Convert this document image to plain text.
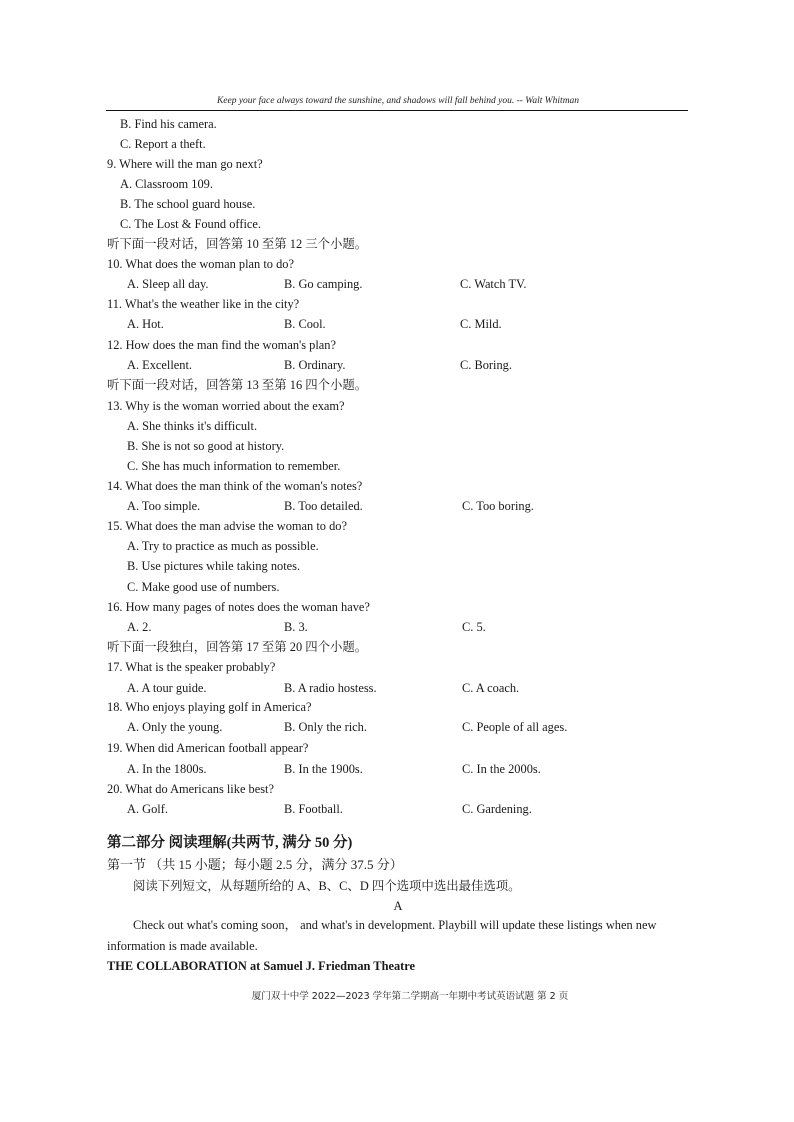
Keep your face always toward the sunshine, and shadows will fall behind you. -- Walt Whitman
B. Find his camera.
C. Report a theft.
9. Where will the man go next?
A. Classroom 109.
B. The school guard house.
C. The Lost & Found office.
听下面一段对话，回答第 10 至第 12 三个小题。
10. What does the woman plan to do?
A. Sleep all day.	B. Go camping.	C. Watch TV.
11. What's the weather like in the city?
A. Hot.	B. Cool.	C. Mild.
12. How does the man find the woman's plan?
A. Excellent.	B. Ordinary.	C. Boring.
听下面一段对话，回答第 13 至第 16 四个小题。
13. Why is the woman worried about the exam?
A. She thinks it's difficult.
B. She is not so good at history.
C. She has much information to remember.
14. What does the man think of the woman's notes?
A. Too simple.	B. Too detailed.	C. Too boring.
15. What does the man advise the woman to do?
A. Try to practice as much as possible.
B. Use pictures while taking notes.
C. Make good use of numbers.
16. How many pages of notes does the woman have?
A. 2.	B. 3.	C. 5.
听下面一段独白，回答第 17 至第 20 四个小题。
17. What is the speaker probably?
A. A tour guide.	B. A radio hostess.	C. A coach.
18. Who enjoys playing golf in America?
A. Only the young.	B. Only the rich.	C. People of all ages.
19. When did American football appear?
A. In the 1800s.	B. In the 1900s.	C. In the 2000s.
20. What do Americans like best?
A. Golf.	B. Football.	C. Gardening.
第二部分 阅读理解(共两节, 满分 50 分)
第一节 （共 15 小题；每小题 2.5 分，满分 37.5 分）
阅读下列短文，从每题所给的 A、B、C、D 四个选项中选出最佳选项。
A
Check out what's coming soon， and what's in development. Playbill will update these listings when new
information is made available.
THE COLLABORATION at Samuel J. Friedman Theatre
厦门双十中学 2022—2023 学年第二学期高一年期中考试英语试题 第 2 页
